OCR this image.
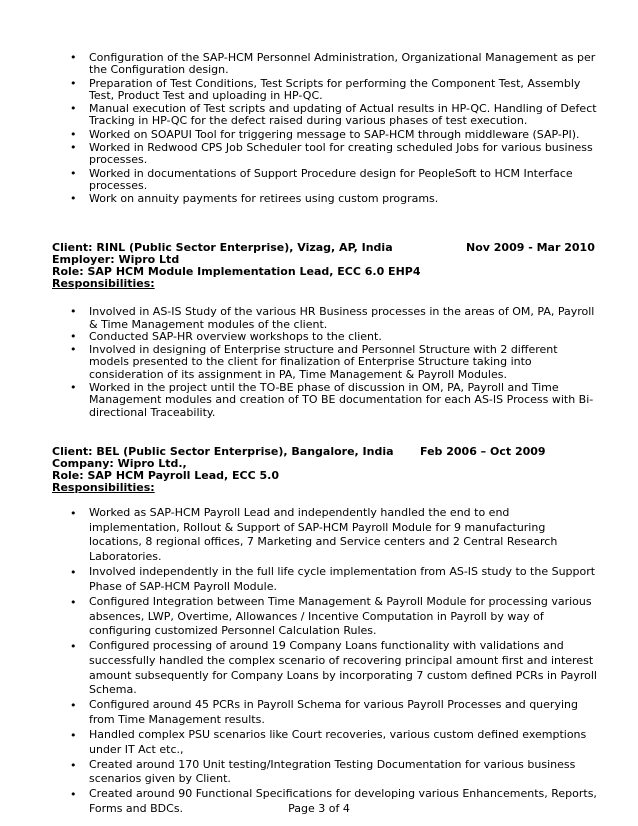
• Configuration of the SAP-HCM Personnel Administration, Organizational Management as per the Configuration design.
• Preparation of Test Conditions, Test Scripts for performing the Component Test, Assembly Test, Product Test and uploading in HP-QC.
• Manual execution of Test scripts and updating of Actual results in HP-QC. Handling of Defect Tracking in HP-QC for the defect raised during various phases of test execution.
• Worked on SOAPUI Tool for triggering message to SAP-HCM through middleware (SAP-PI).
• Worked in Redwood CPS Job Scheduler tool for creating scheduled Jobs for various business processes.
• Worked in documentations of Support Procedure design for PeopleSoft to HCM Interface processes.
• Work on annuity payments for retirees using custom programs.
Client: RINL (Public Sector Enterprise), Vizag, AP, India	Nov 2009 - Mar 2010
Employer: Wipro Ltd
Role: SAP HCM Module Implementation Lead, ECC 6.0 EHP4
Responsibilities:
• Involved in AS-IS Study of the various HR Business processes in the areas of OM, PA, Payroll & Time Management modules of the client.
• Conducted SAP-HR overview workshops to the client.
• Involved in designing of Enterprise structure and Personnel Structure with 2 different models presented to the client for finalization of Enterprise Structure taking into consideration of its assignment in PA, Time Management & Payroll Modules.
• Worked in the project until the TO-BE phase of discussion in OM, PA, Payroll and Time Management modules and creation of TO BE documentation for each AS-IS Process with Bi-directional Traceability.
Client: BEL (Public Sector Enterprise), Bangalore, India Feb 2006 – Oct 2009
Company: Wipro Ltd.,
Role: SAP HCM Payroll Lead, ECC 5.0
Responsibilities:
• Worked as SAP-HCM Payroll Lead and independently handled the end to end implementation, Rollout & Support of SAP-HCM Payroll Module for 9 manufacturing locations, 8 regional offices, 7 Marketing and Service centers and 2 Central Research Laboratories.
• Involved independently in the full life cycle implementation from AS-IS study to the Support Phase of SAP-HCM Payroll Module.
• Configured Integration between Time Management & Payroll Module for processing various absences, LWP, Overtime, Allowances / Incentive Computation in Payroll by way of configuring customized Personnel Calculation Rules.
• Configured processing of around 19 Company Loans functionality with validations and successfully handled the complex scenario of recovering principal amount first and interest amount subsequently for Company Loans by incorporating 7 custom defined PCRs in Payroll Schema.
• Configured around 45 PCRs in Payroll Schema for various Payroll Processes and querying from Time Management results.
• Handled complex PSU scenarios like Court recoveries, various custom defined exemptions under IT Act etc.,
• Created around 170 Unit testing/Integration Testing Documentation for various business scenarios given by Client.
• Created around 90 Functional Specifications for developing various Enhancements, Reports, Forms and BDCs.	Page 3 of 4
